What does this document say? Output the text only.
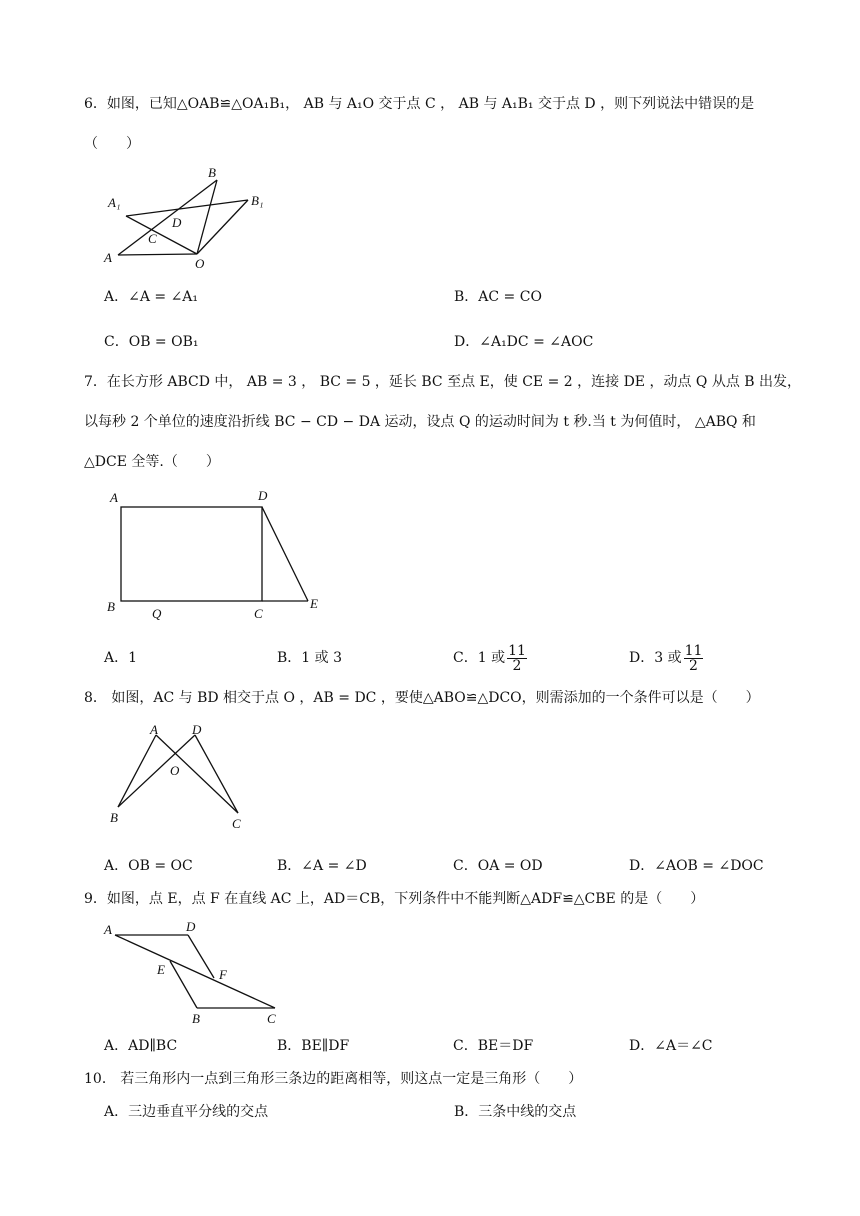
6．如图，已知△OAB≌△OA₁B₁， AB 与 A₁O 交于点 C ， AB 与 A₁B₁ 交于点 D ，则下列说法中错误的是
（　　）
B
A₁	B₁
D
C
A	O
A．∠A = ∠A₁	B．AC = CO
C．OB = OB₁	D．∠A₁DC = ∠AOC
7．在长方形 ABCD 中， AB = 3 ， BC = 5 ，延长 BC 至点 E，使 CE = 2 ，连接 DE ，动点 Q 从点 B 出发，
以每秒 2 个单位的速度沿折线 BC − CD − DA 运动，设点 Q 的运动时间为 t 秒.当 t 为何值时， △ABQ 和
△DCE 全等.（　　）
A	D
B	Q	C
E
A．1	B．1 或 3	C．1 或 $\frac{11}{2}$	D．3 或 $\frac{11}{2}$
8． 如图，AC 与 BD 相交于点 O ，AB = DC ，要使△ABO≌△DCO，则需添加的一个条件可以是（　　）
A	D
O
B	C
A．OB = OC	B．∠A = ∠D	C．OA = OD	D．∠AOB = ∠DOC
9．如图，点 E，点 F 在直线 AC 上，AD＝CB，下列条件中不能判断△ADF≌△CBE 的是（　　）
A	D
E	F
B	C
A．AD∥BC	B．BE∥DF	C．BE＝DF	D．∠A＝∠C
10． 若三角形内一点到三角形三条边的距离相等，则这点一定是三角形（　　）
A．三边垂直平分线的交点	B．三条中线的交点
